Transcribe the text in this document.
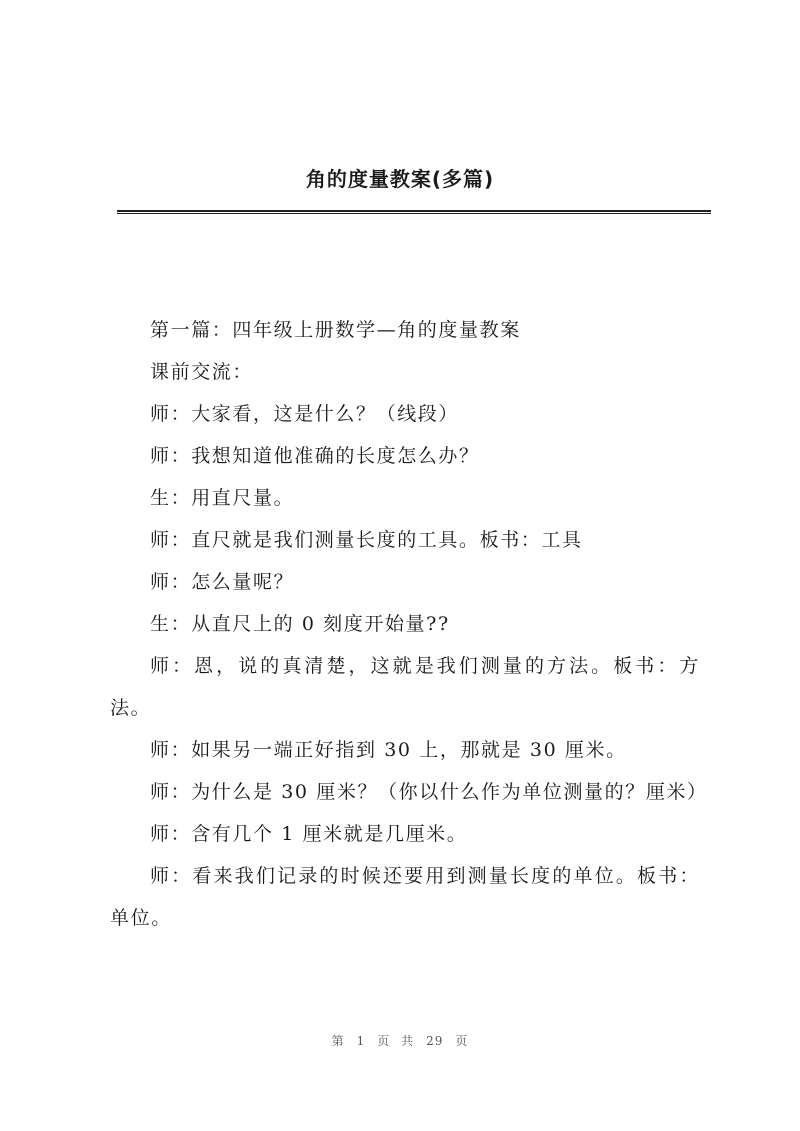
角的度量教案(多篇)

第一篇：四年级上册数学—角的度量教案

课前交流：

师：大家看，这是什么？（线段）

师：我想知道他准确的长度怎么办？

生：用直尺量。

师：直尺就是我们测量长度的工具。板书：工具

师：怎么量呢？

生：从直尺上的 0 刻度开始量??

师：恩，说的真清楚，这就是我们测量的方法。板书：方法。

师：如果另一端正好指到 30 上，那就是 30 厘米。

师：为什么是 30 厘米？（你以什么作为单位测量的？厘米）

师：含有几个 1 厘米就是几厘米。

师：看来我们记录的时候还要用到测量长度的单位。板书：单位。

第 1 页 共 29 页
